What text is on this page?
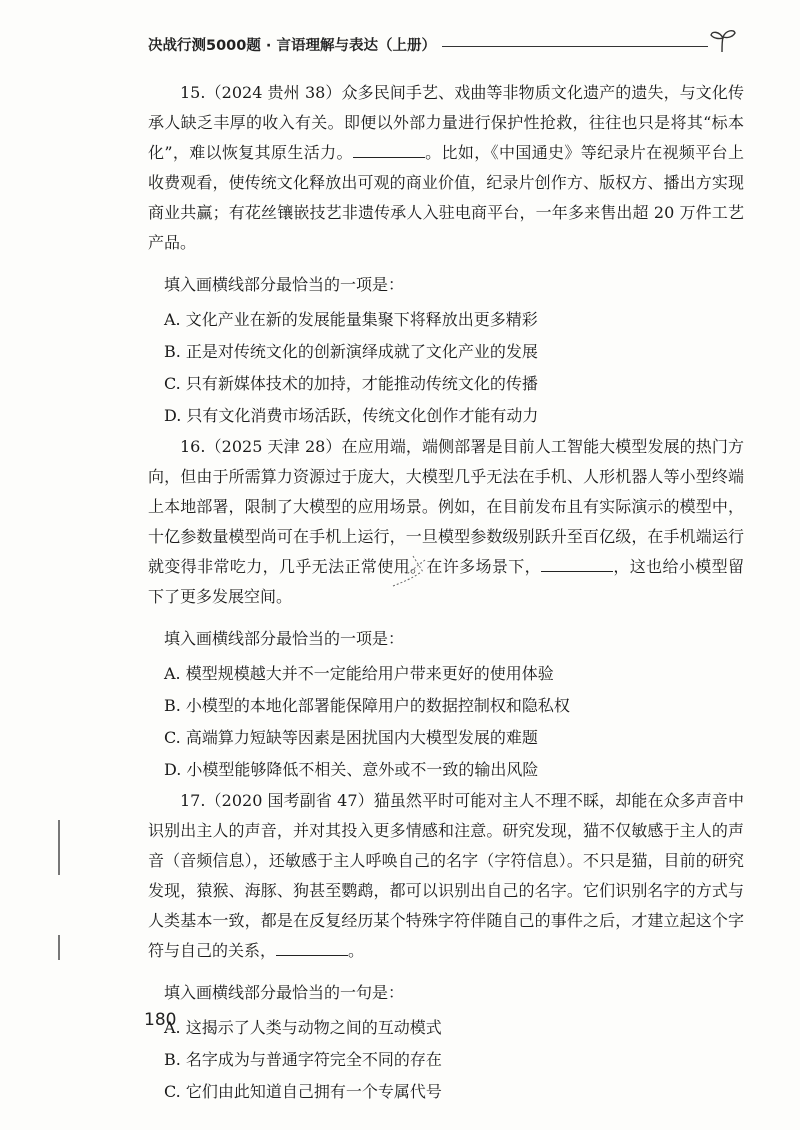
决战行测5000题 · 言语理解与表达（上册）

15.（2024 贵州 38）众多民间手艺、戏曲等非物质文化遗产的遗失，与文化传承人缺乏丰厚的收入有关。即便以外部力量进行保护性抢救，往往也只是将其“标本化”，难以恢复其原生活力。	。比如，《中国通史》等纪录片在视频平台上收费观看，使传统文化释放出可观的商业价值，纪录片创作方、版权方、播出方实现商业共赢；有花丝镶嵌技艺非遗传承人入驻电商平台，一年多来售出超 20 万件工艺产品。

填入画横线部分最恰当的一项是：
A. 文化产业在新的发展能量集聚下将释放出更多精彩
B. 正是对传统文化的创新演绎成就了文化产业的发展
C. 只有新媒体技术的加持，才能推动传统文化的传播
D. 只有文化消费市场活跃，传统文化创作才能有动力

16.（2025 天津 28）在应用端，端侧部署是目前人工智能大模型发展的热门方向，但由于所需算力资源过于庞大，大模型几乎无法在手机、人形机器人等小型终端上本地部署，限制了大模型的应用场景。例如，在目前发布且有实际演示的模型中，十亿参数量模型尚可在手机上运行，一旦模型参数级别跃升至百亿级，在手机端运行就变得非常吃力，几乎无法正常使用。在许多场景下，	，这也给小模型留下了更多发展空间。

填入画横线部分最恰当的一项是：
A. 模型规模越大并不一定能给用户带来更好的使用体验
B. 小模型的本地化部署能保障用户的数据控制权和隐私权
C. 高端算力短缺等因素是困扰国内大模型发展的难题
D. 小模型能够降低不相关、意外或不一致的输出风险

17.（2020 国考副省 47）猫虽然平时可能对主人不理不睬，却能在众多声音中识别出主人的声音，并对其投入更多情感和注意。研究发现，猫不仅敏感于主人的声音（音频信息），还敏感于主人呼唤自己的名字（字符信息）。不只是猫，目前的研究发现，猿猴、海豚、狗甚至鹦鹉，都可以识别出自己的名字。它们识别名字的方式与人类基本一致，都是在反复经历某个特殊字符伴随自己的事件之后，才建立起这个字符与自己的关系，	。

填入画横线部分最恰当的一句是：
A. 这揭示了人类与动物之间的互动模式
B. 名字成为与普通字符完全不同的存在
C. 它们由此知道自己拥有一个专属代号
180
